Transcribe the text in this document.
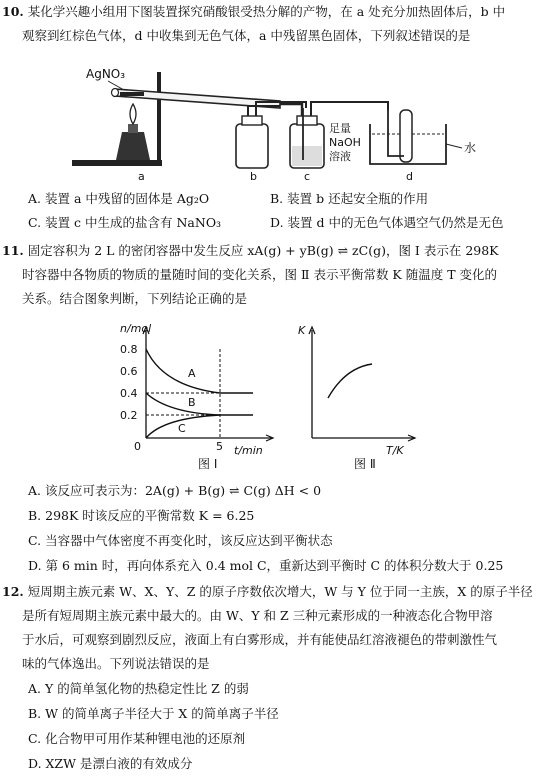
10. 某化学兴趣小组用下图装置探究硝酸银受热分解的产物，在 a 处充分加热固体后，b 中
观察到红棕色气体，d 中收集到无色气体，a 中残留黑色固体，下列叙述错误的是
AgNO₃
足量
NaOH
溶液
水
a	b	c	d
A. 装置 a 中残留的固体是 Ag₂O	B. 装置 b 还起安全瓶的作用
C. 装置 c 中生成的盐含有 NaNO₃	D. 装置 d 中的无色气体遇空气仍然是无色
11. 固定容积为 2 L 的密闭容器中发生反应 xA(g) + yB(g) ⇌ zC(g)，图 Ⅰ 表示在 298K
时容器中各物质的物质的量随时间的变化关系，图 Ⅱ 表示平衡常数 K 随温度 T 变化的
关系。结合图象判断，下列结论正确的是
n/mol
t/min
0.8
0.6
0.4
0.2
0	5
A
B
C
图 Ⅰ
K
T/K
图 Ⅱ
A. 该反应可表示为：2A(g) + B(g) ⇌ C(g) ΔH < 0
B. 298K 时该反应的平衡常数 K = 6.25
C. 当容器中气体密度不再变化时，该反应达到平衡状态
D. 第 6 min 时，再向体系充入 0.4 mol C，重新达到平衡时 C 的体积分数大于 0.25
12. 短周期主族元素 W、X、Y、Z 的原子序数依次增大，W 与 Y 位于同一主族，X 的原子半径
是所有短周期主族元素中最大的。由 W、Y 和 Z 三种元素形成的一种液态化合物甲溶
于水后，可观察到剧烈反应，液面上有白雾形成，并有能使品红溶液褪色的带刺激性气
味的气体逸出。下列说法错误的是
A. Y 的简单氢化物的热稳定性比 Z 的弱
B. W 的简单离子半径大于 X 的简单离子半径
C. 化合物甲可用作某种锂电池的还原剂
D. XZW 是漂白液的有效成分
